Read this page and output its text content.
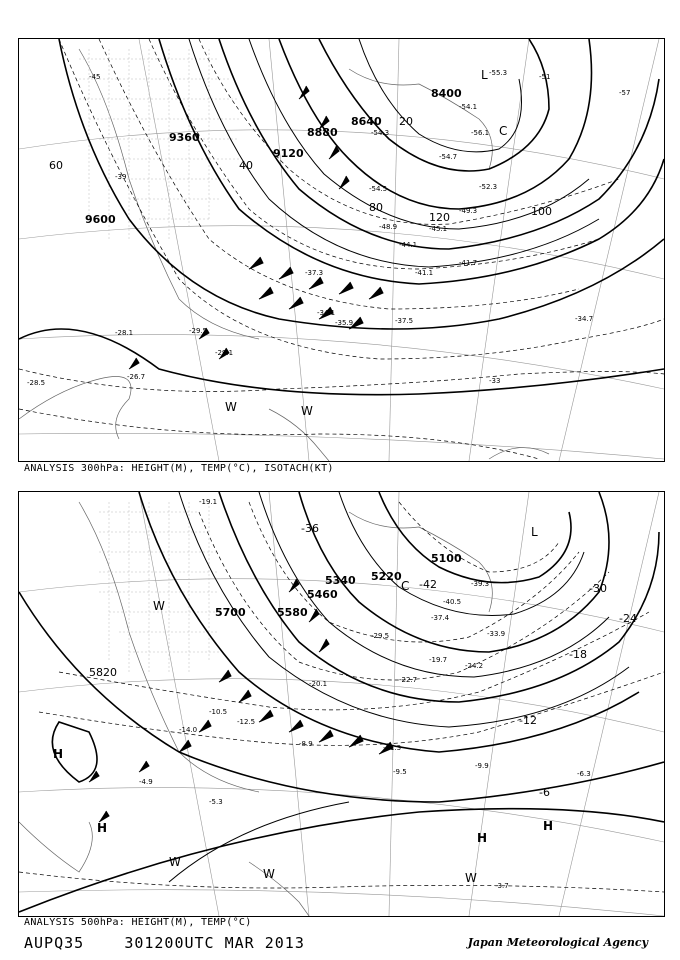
9600
9360
9120
8880
8640
8400
20
40
60
80	100
120
L
C
W	W
-54.5
-54.3
-54.1
-54.7
-52.3
-48.9
-49.3
-45.1
-44.1
-41.7
-41.1
-37.5
-35.9	-34.7
-34.1
-37.3
-29.1
-29.5
-26.7
-28.5
-28.1
-55.3
-56.1
-33
-39
-45	-51
-57
ANALYSIS 300hPa: HEIGHT(M), TEMP(°C), ISOTACH(KT)
5820
5700	5580
5460
5340 5220
5100
H
H
H
H
L
C
W
W
W	W
-36
-30
-24
-18
-12
-6
-42
-19.1
-22.7
-20.1
-19.7
-11.3
-9.5
-9.9
-6.3
-3.7
-4.9
-5.3
-8.9
-10.5
-12.5
-14.0
-29.5
-39.3
-40.5
-33.9
-37.4
-24.2
ANALYSIS 500hPa: HEIGHT(M), TEMP(°C)
AUPQ35	301200UTC MAR 2013	Japan Meteorological Agency
